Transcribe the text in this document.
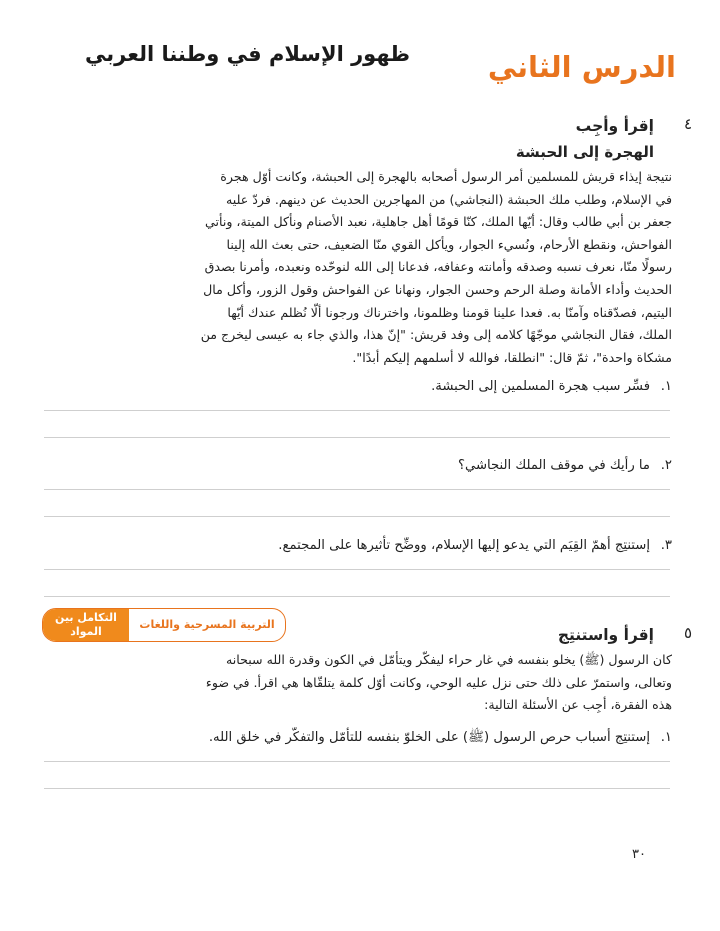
الدرس الثاني
ظهور الإسلام في وطننا العربي
٤

إقرأ وأجِب

الهجرة إلى الحبشة

نتيجة إيذاء قريش للمسلمين أمر الرسول أصحابه بالهجرة إلى الحبشة، وكانت أوّل هجرة
في الإسلام، وطلب ملك الحبشة (النجاشي) من المهاجرين الحديث عن دينهم. فردّ عليه
جعفر بن أبي طالب وقال: أيّها الملك، كنّا قومًا أهل جاهلية، نعبد الأصنام ونأكل الميتة، ونأتي
الفواحش، ونقطع الأرحام، ونُسيء الجوار، ويأكل القوي منّا الضعيف، حتى بعث الله إلينا
رسولًا منّا، نعرف نسبه وصدقه وأمانته وعفافه، فدعانا إلى الله لنوحّده ونعبده، وأمرنا بصدق
الحديث وأداء الأمانة وصلة الرحم وحسن الجوار، ونهانا عن الفواحش وقول الزور، وأكل مال
اليتيم، فصدّقناه وآمنّا به. فعدا علينا قومنا وظلمونا، واخترناك ورجونا ألّا نُظلم عندك أيّها
الملك، فقال النجاشي موجّهًا كلامه إلى وفد قريش: "إنّ هذا، والذي جاء به عيسى ليخرج من
مشكاة واحدة"، ثمّ قال: "انطلقا، فوالله لا أسلمهم إليكم أبدًا".

١.فسِّر سبب هجرة المسلمين إلى الحبشة.

٢.ما رأيك في موقف الملك النجاشي؟

٣.إستنتِج أهمّ القِيَم التي يدعو إليها الإسلام، ووضِّح تأثيرها على المجتمع.

التربية المسرحية واللغات
التكامل بين المواد	٥

إقرأ واستنتِج

كان الرسول (ﷺ) يخلو بنفسه في غار حراء ليفكّر ويتأمّل في الكون وقدرة الله سبحانه
وتعالى، واستمرّ على ذلك حتى نزل عليه الوحي، وكانت أوّل كلمة يتلقّاها هي اقرأ. في ضوء
هذه الفقرة، أجِب عن الأسئلة التالية:

١.إستنتِج أسباب حرص الرسول (ﷺ) على الخلوّ بنفسه للتأمّل والتفكّر في خلق الله.

٣٠
